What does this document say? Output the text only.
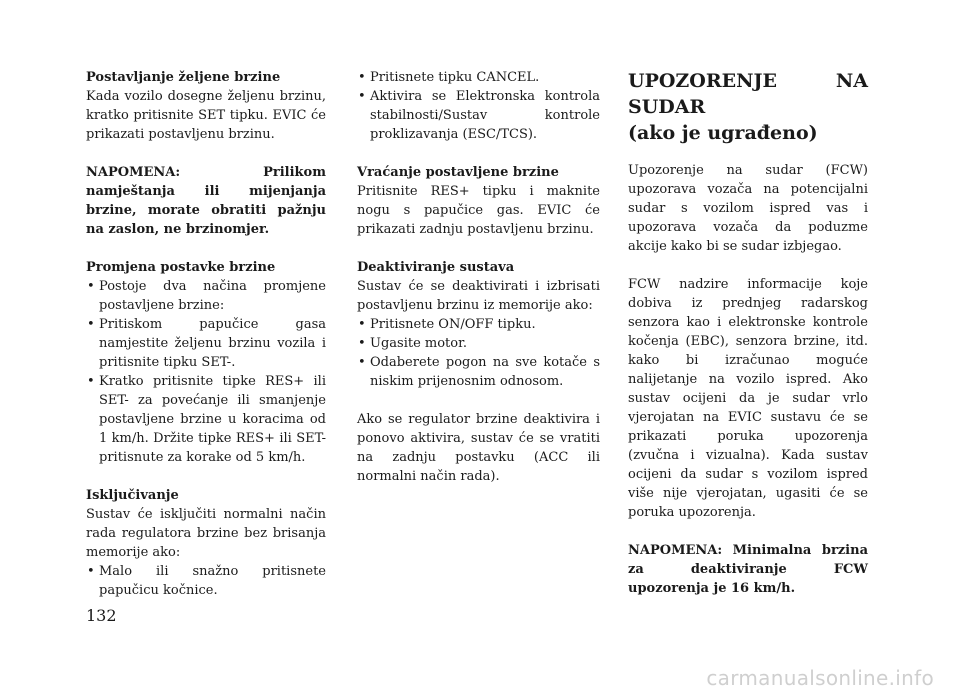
Postavljanje željene brzine

Kada vozilo dosegne željenu brzinu, kratko pritisnite SET tipku. EVIC će prikazati postavljenu brzinu.

NAPOMENA: Prilikom namještanja ili mijenjanja brzine, morate obratiti pažnju na zaslon, ne brzinomjer.

Promjena postavke brzine
• Postoje dva načina promjene postavljene brzine:
• Pritiskom papučice gasa namjestite željenu brzinu vozila i pritisnite tipku SET-.
• Kratko pritisnite tipke RES+ ili SET- za povećanje ili smanjenje postavljene brzine u koracima od 1 km/h. Držite tipke RES+ ili SET- pritisnute za korake od 5 km/h.
Isključivanje
Sustav će isključiti normalni način rada regulatora brzine bez brisanja memorije ako:
• Malo ili snažno pritisnete papučicu kočnice.
• Pritisnete tipku CANCEL.
• Aktivira se Elektronska kontrola stabilnosti/Sustav kontrole proklizavanja (ESC/TCS).
Vraćanje postavljene brzine

Pritisnite RES+ tipku i maknite nogu s papučice gas. EVIC će prikazati zadnju postavljenu brzinu.

Deaktiviranje sustava
Sustav će se deaktivirati i izbrisati postavljenu brzinu iz memorije ako:
• Pritisnete ON/OFF tipku.
• Ugasite motor.
• Odaberete pogon na sve kotače s niskim prijenosnim odnosom.

Ako se regulator brzine deaktivira i ponovo aktivira, sustav će se vratiti na zadnju postavku (ACC ili normalni način rada).

UPOZORENJE NA SUDAR
(ako je ugrađeno)

Upozorenje na sudar (FCW) upozorava vozača na potencijalni sudar s vozilom ispred vas i upozorava vozača da poduzme akcije kako bi se sudar izbjegao.

FCW nadzire informacije koje dobiva iz prednjeg radarskog senzora kao i elektronske kontrole kočenja (EBC), senzora brzine, itd. kako bi izračunao moguće nalijetanje na vozilo ispred. Ako sustav ocijeni da je sudar vrlo vjerojatan na EVIC sustavu će se prikazati poruka upozorenja (zvučna i vizualna). Kada sustav ocijeni da sudar s vozilom ispred više nije vjerojatan, ugasiti će se poruka upozorenja.

NAPOMENA: Minimalna brzina za deaktiviranje FCW upozorenja je 16 km/h.

132
carmanualsonline.info
